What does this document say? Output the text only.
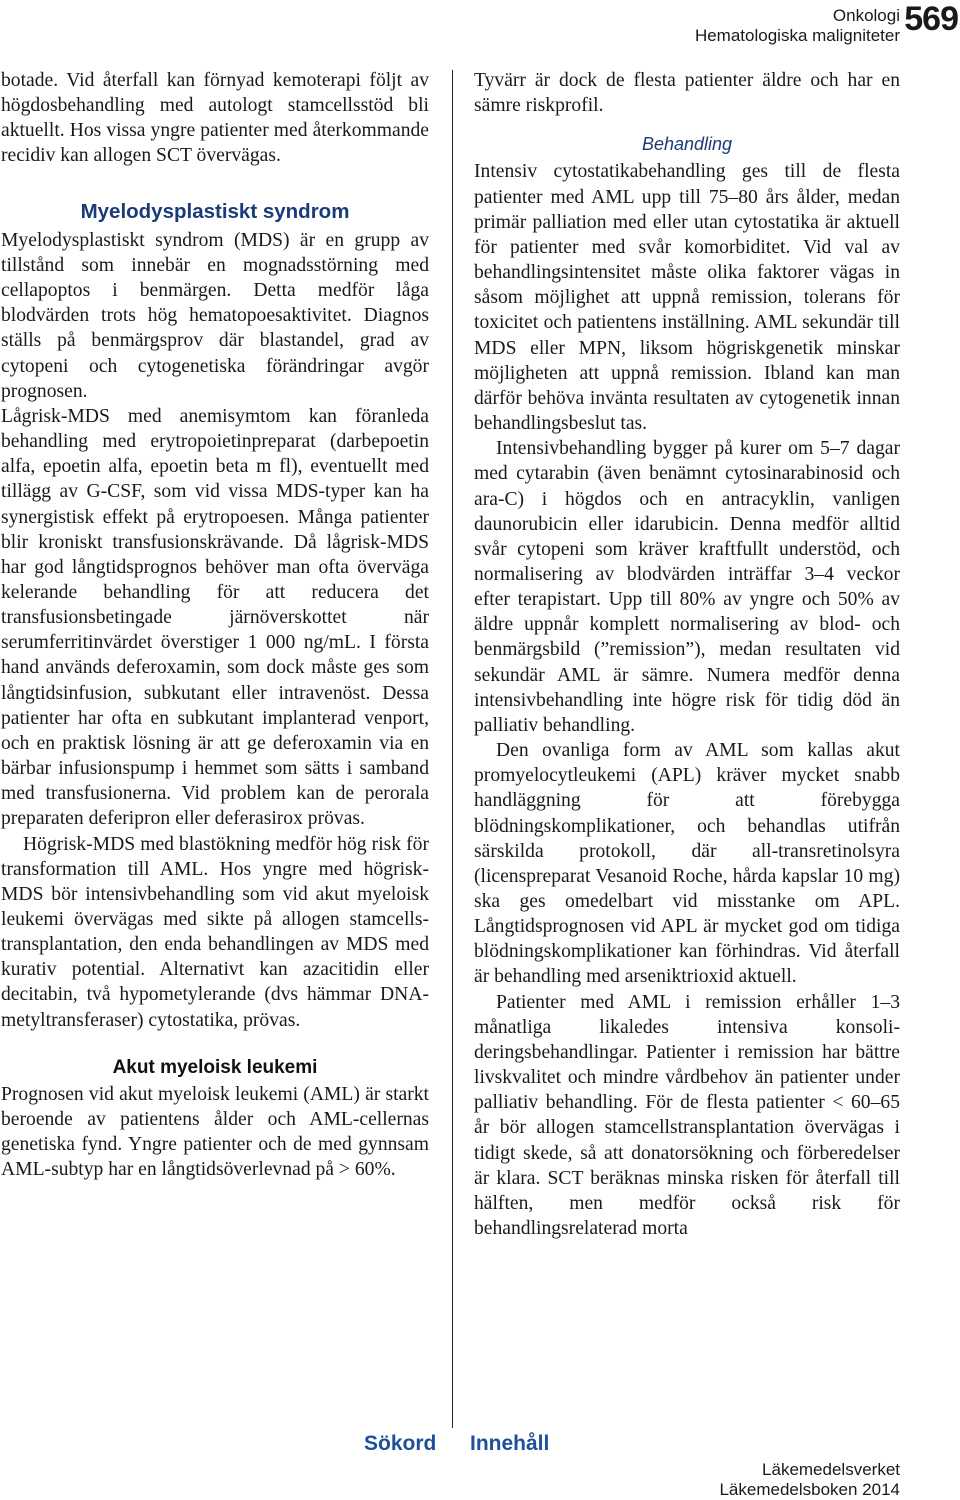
Onkologi
Hematologiska maligniteter 569

botade. Vid återfall kan förnyad kemoterapi följt av högdosbehandling med autologt stamcellsstöd bli aktuellt. Hos vissa yngre patienter med återkommande recidiv kan allogen SCT övervägas.

Myelodysplastiskt syndrom

Myelodysplastiskt syndrom (MDS) är en grupp av tillstånd som innebär en mognadsstörning med cellapoptos i benmärgen. Detta medför låga blodvärden trots hög hematopoesaktivitet. Diagnos ställs på benmärgsprov där blastandel, grad av cytopeni och cytogenetiska förändringar avgör prognosen.

Lågrisk-MDS med anemisymtom kan föranleda behandling med erytropoietinpreparat (darbepoetin alfa, epoetin alfa, epoetin beta m fl), eventuellt med tillägg av G-CSF, som vid vissa MDS-typer kan ha synergistisk effekt på erytropoesen. Många patienter blir kroniskt transfusionskrävande. Då lågrisk-MDS har god långtidsprognos behöver man ofta överväga kelerande behandling för att reducera det transfusionsbetingade järnöverskottet när serumferritinvärdet överstiger 1 000 ng/mL. I första hand används deferoxamin, som dock måste ges som långtidsinfusion, subkutant eller intravenöst. Dessa patienter har ofta en subkutant implanterad venport, och en praktisk lösning är att ge deferoxamin via en bärbar infusionspump i hemmet som sätts i samband med transfusionerna. Vid problem kan de perorala preparaten deferipron eller deferasirox prövas.

Högrisk-MDS med blastökning medför hög risk för transformation till AML. Hos yngre med högrisk-MDS bör intensivbehandling som vid akut myeloisk leukemi övervägas med sikte på allogen stamcellstransplantation, den enda behandlingen av MDS med kurativ potential. Alternativt kan azacitidin eller decitabin, två hypometylerande (dvs hämmar DNA-metyltransferaser) cytostatika, prövas.

Akut myeloisk leukemi

Prognosen vid akut myeloisk leukemi (AML) är starkt beroende av patientens ålder och AML-cellernas genetiska fynd. Yngre patienter och de med gynnsam AML-subtyp har en långtidsöverlevnad på > 60%.

Tyvärr är dock de flesta patienter äldre och har en sämre riskprofil.

Behandling

Intensiv cytostatikabehandling ges till de flesta patienter med AML upp till 75–80 års ålder, medan primär palliation med eller utan cytostatika är aktuell för patienter med svår komorbiditet. Vid val av behandlingsintensitet måste olika faktorer vägas in såsom möjlighet att uppnå remission, tolerans för toxicitet och patientens inställning. AML sekundär till MDS eller MPN, liksom högriskgenetik minskar möjligheten att uppnå remission. Ibland kan man därför behöva invänta resultaten av cytogenetik innan behandlingsbeslut tas.

Intensivbehandling bygger på kurer om 5–7 dagar med cytarabin (även benämnt cytosinarabinosid och ara-C) i högdos och en antracyklin, vanligen daunorubicin eller idarubicin. Denna medför alltid svår cytopeni som kräver kraftfullt understöd, och normalisering av blodvärden inträffar 3–4 veckor efter terapistart. Upp till 80% av yngre och 50% av äldre uppnår komplett normalisering av blod- och benmärgsbild (”remission”), medan resultaten vid sekundär AML är sämre. Numera medför denna intensivbehandling inte högre risk för tidig död än palliativ behandling.

Den ovanliga form av AML som kallas akut promyelocytleukemi (APL) kräver mycket snabb handläggning för att förebygga blödningskomplikationer, och behandlas utifrån särskilda protokoll, där all-transretinolsyra (licenspreparat Vesanoid Roche, hårda kapslar 10 mg) ska ges omedelbart vid misstanke om APL. Långtidsprognosen vid APL är mycket god om tidiga blödningskomplikationer kan förhindras. Vid återfall är behandling med arseniktrioxid aktuell.

Patienter med AML i remission erhåller 1–3 månatliga likaledes intensiva konsolideringsbehandlingar. Patienter i remission har bättre livskvalitet och mindre vårdbehov än patienter under palliativ behandling. För de flesta patienter < 60–65 år bör allogen stamcellstransplantation övervägas i tidigt skede, så att donatorsökning och förberedelser är klara. SCT beräknas minska risken för återfall till hälften, men medför också risk för behandlingsrelaterad morta

Sökord Innehåll
Läkemedelsverket
Läkemedelsboken 2014
